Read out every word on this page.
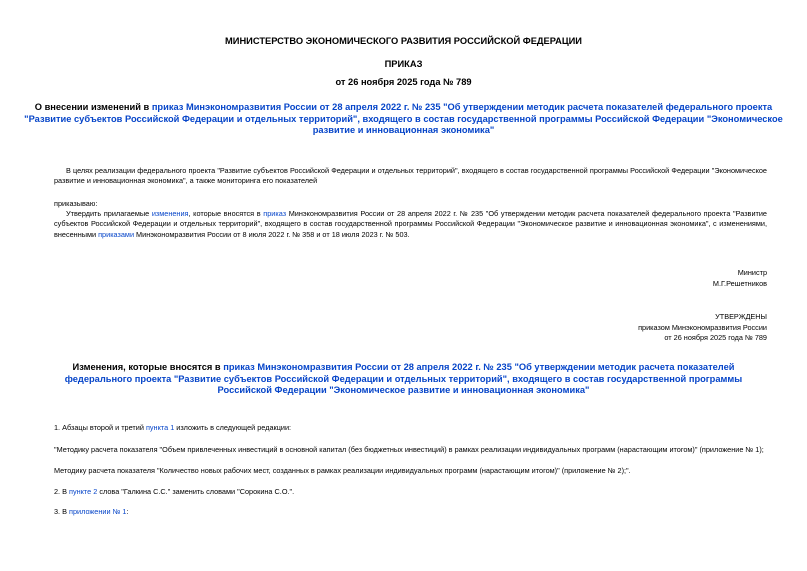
МИНИСТЕРСТВО ЭКОНОМИЧЕСКОГО РАЗВИТИЯ РОССИЙСКОЙ ФЕДЕРАЦИИ
ПРИКАЗ
от 26 ноября 2025 года № 789
О внесении изменений в приказ Минэкономразвития России от 28 апреля 2022 г. № 235 "Об утверждении методик расчета показателей федерального проекта "Развитие субъектов Российской Федерации и отдельных территорий", входящего в состав государственной программы Российской Федерации "Экономическое развитие и инновационная экономика"
В целях реализации федерального проекта "Развитие субъектов Российской Федерации и отдельных территорий", входящего в состав государственной программы Российской Федерации "Экономическое развитие и инновационная экономика", а также мониторинга его показателей
приказываю:
Утвердить прилагаемые изменения, которые вносятся в приказ Минэкономразвития России от 28 апреля 2022 г. № 235 "Об утверждении методик расчета показателей федерального проекта "Развитие субъектов Российской Федерации и отдельных территорий", входящего в состав государственной программы Российской Федерации "Экономическое развитие и инновационная экономика", с изменениями, внесенными приказами Минэкономразвития России от 8 июля 2022 г. № 358 и от 18 июля 2023 г. № 503.
Министр
М.Г.Решетников
УТВЕРЖДЕНЫ
приказом Минэкономразвития России
от 26 ноября 2025 года № 789
Изменения, которые вносятся в приказ Минэкономразвития России от 28 апреля 2022 г. № 235 "Об утверждении методик расчета показателей федерального проекта "Развитие субъектов Российской Федерации и отдельных территорий", входящего в состав государственной программы Российской Федерации "Экономическое развитие и инновационная экономика"
1. Абзацы второй и третий пункта 1 изложить в следующей редакции:
"Методику расчета показателя "Объем привлеченных инвестиций в основной капитал (без бюджетных инвестиций) в рамках реализации индивидуальных программ (нарастающим итогом)" (приложение № 1);
Методику расчета показателя "Количество новых рабочих мест, созданных в рамках реализации индивидуальных программ (нарастающим итогом)" (приложение № 2);".
2. В пункте 2 слова "Галкина С.С." заменить словами "Сорокина С.О.".
3. В приложении № 1:
